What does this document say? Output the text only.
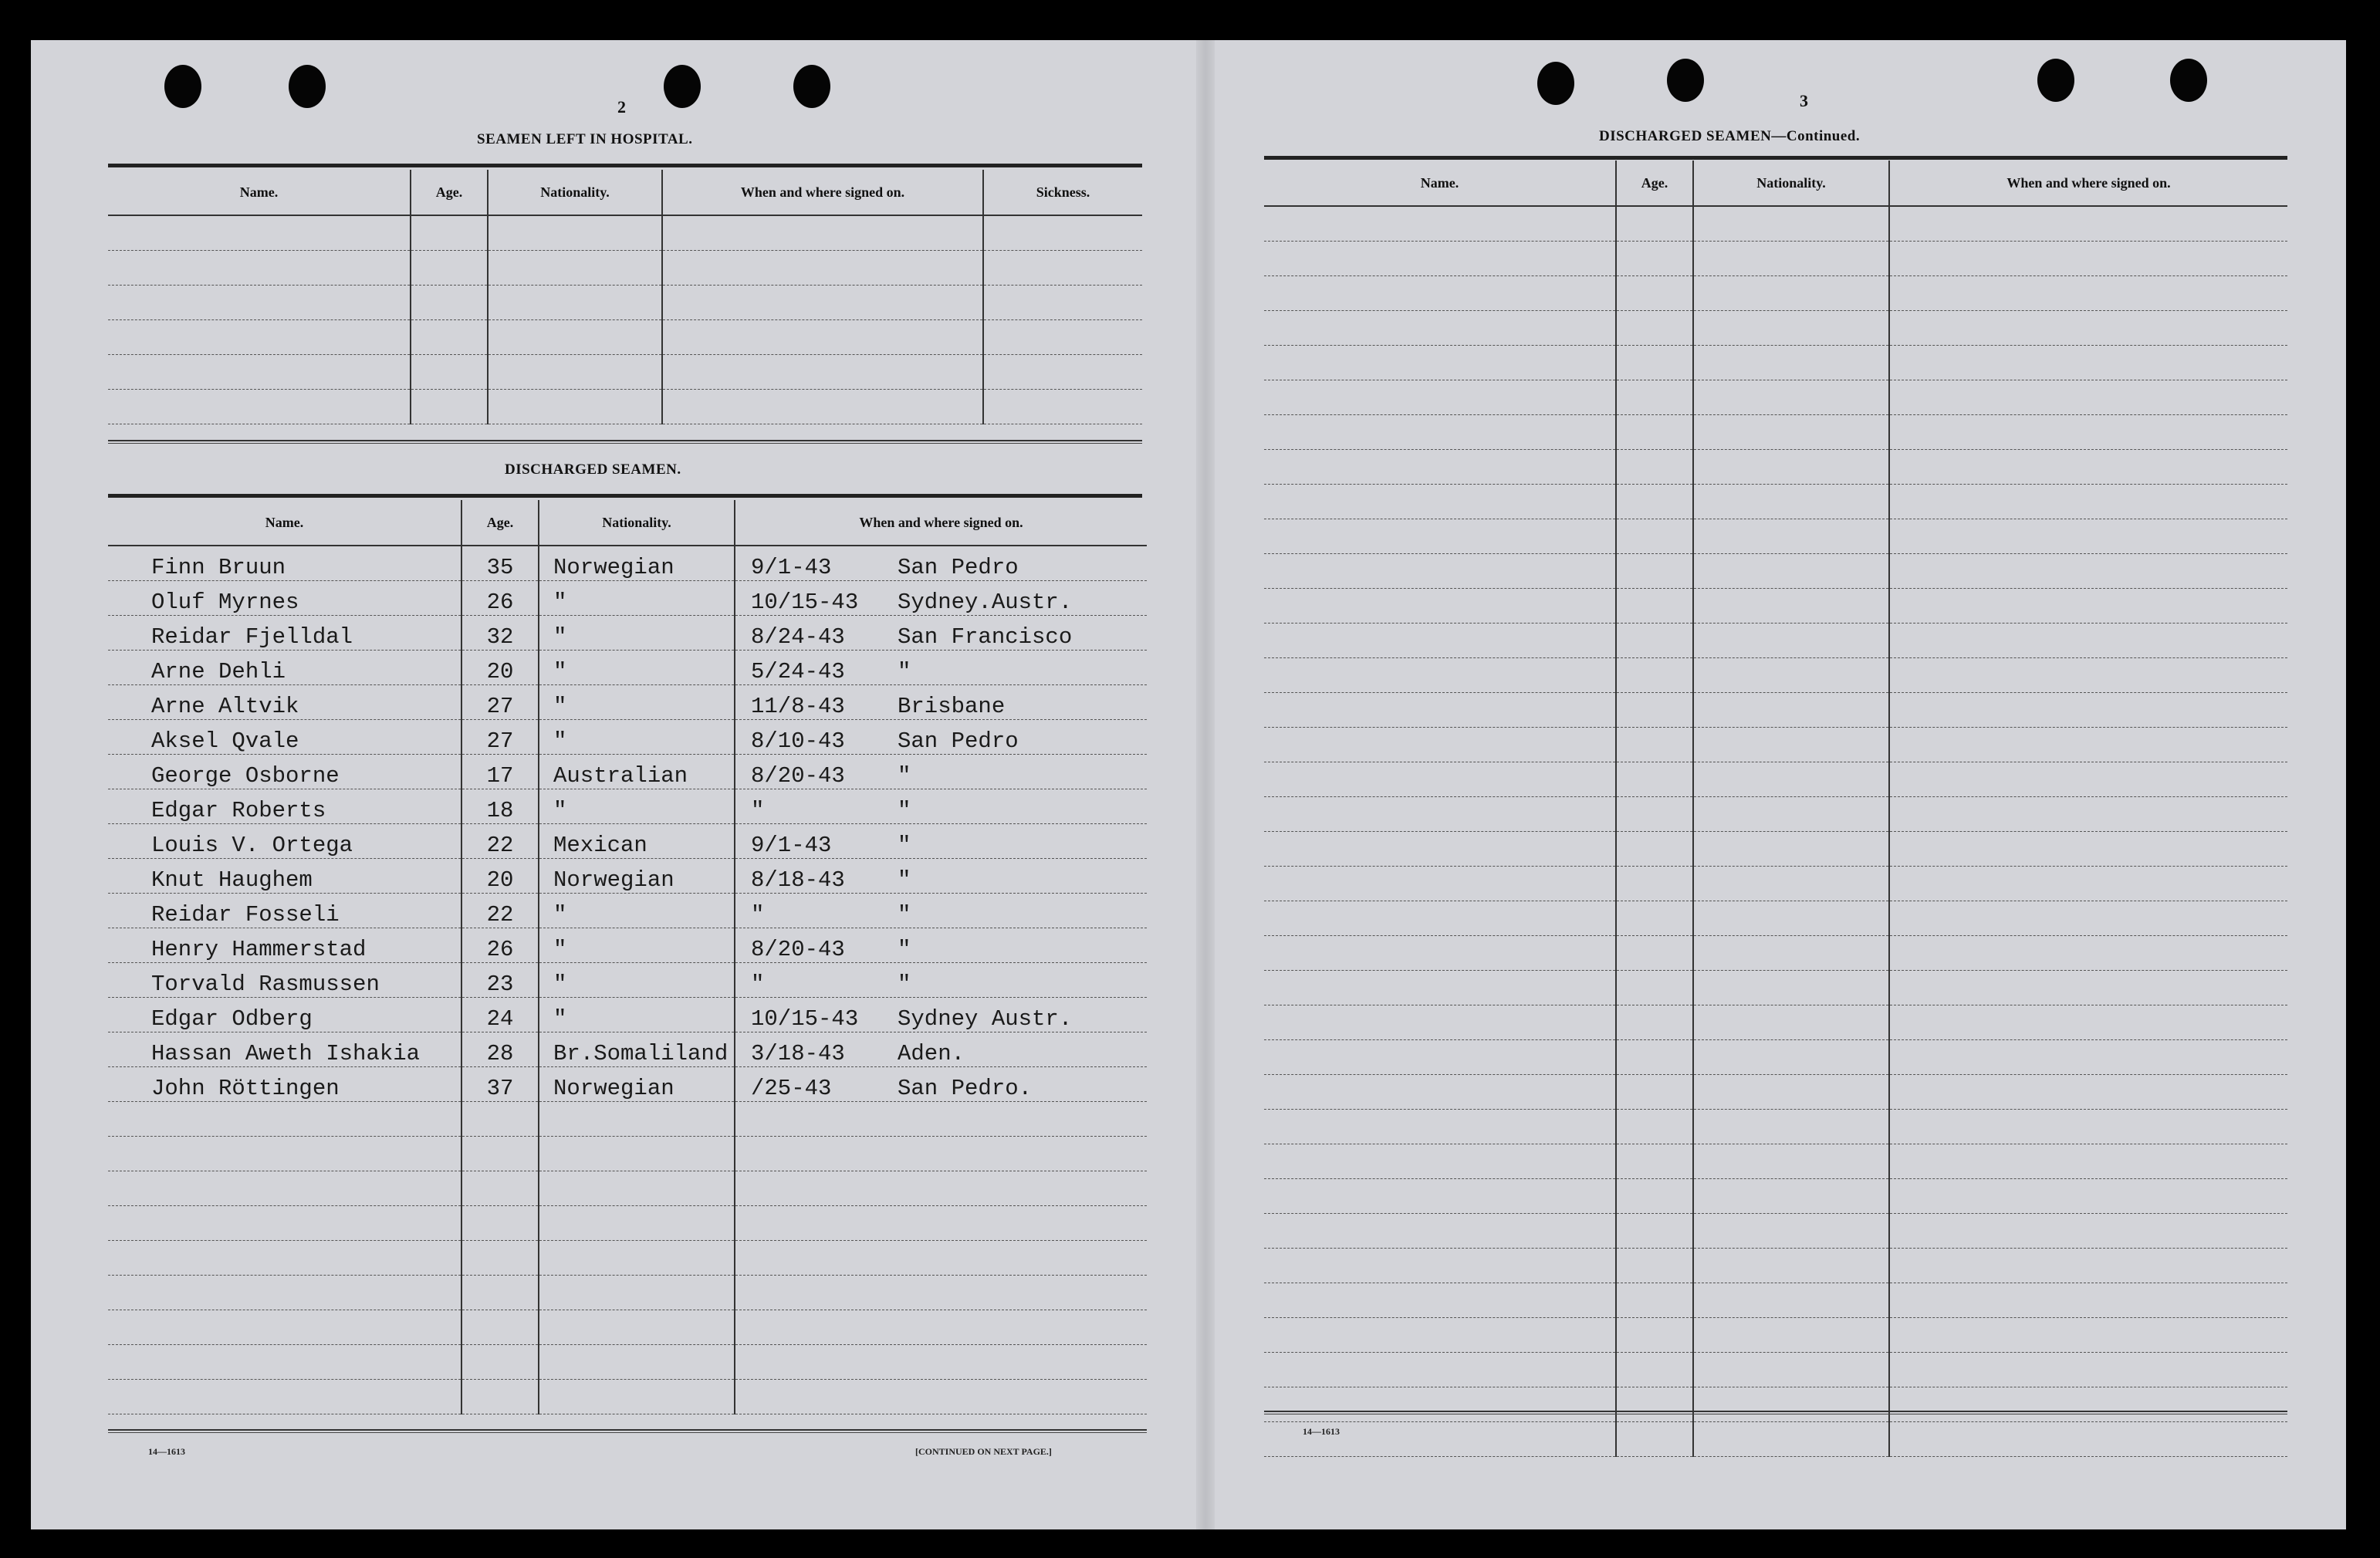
2
SEAMEN LEFT IN HOSPITAL.
Name.	Age.	Nationality.	When and where signed on.	Sickness.

DISCHARGED SEAMEN.
Name.	Age.	Nationality.	When and where signed on.
Finn Bruun	35	Norwegian	9/1-43 San Pedro
Oluf Myrnes	26	"	10/15-43 Sydney.Austr.
Reidar Fjelldal	32	"	8/24-43 San Francisco
Arne Dehli	20	"	5/24-43 "
Arne Altvik	27	"	11/8-43 Brisbane
Aksel Qvale	27	"	8/10-43 San Pedro
George Osborne	17	Australian	8/20-43 "
Edgar Roberts	18	"	" "
Louis V. Ortega	22	Mexican	9/1-43 "
Knut Haughem	20	Norwegian	8/18-43 "
Reidar Fosseli	22	"	" "
Henry Hammerstad	26	"	8/20-43 "
Torvald Rasmussen	23	"	" "
Edgar Odberg	24	"	10/15-43 Sydney Austr.
Hassan Aweth Ishakia	28	Br.Somaliland	3/18-43 Aden.
John Röttingen	37	Norwegian	/25-43 San Pedro.

14—1613	[CONTINUED ON NEXT PAGE.]
3
DISCHARGED SEAMEN—Continued.
Name.	Age.	Nationality.	When and where signed on.

14—1613
